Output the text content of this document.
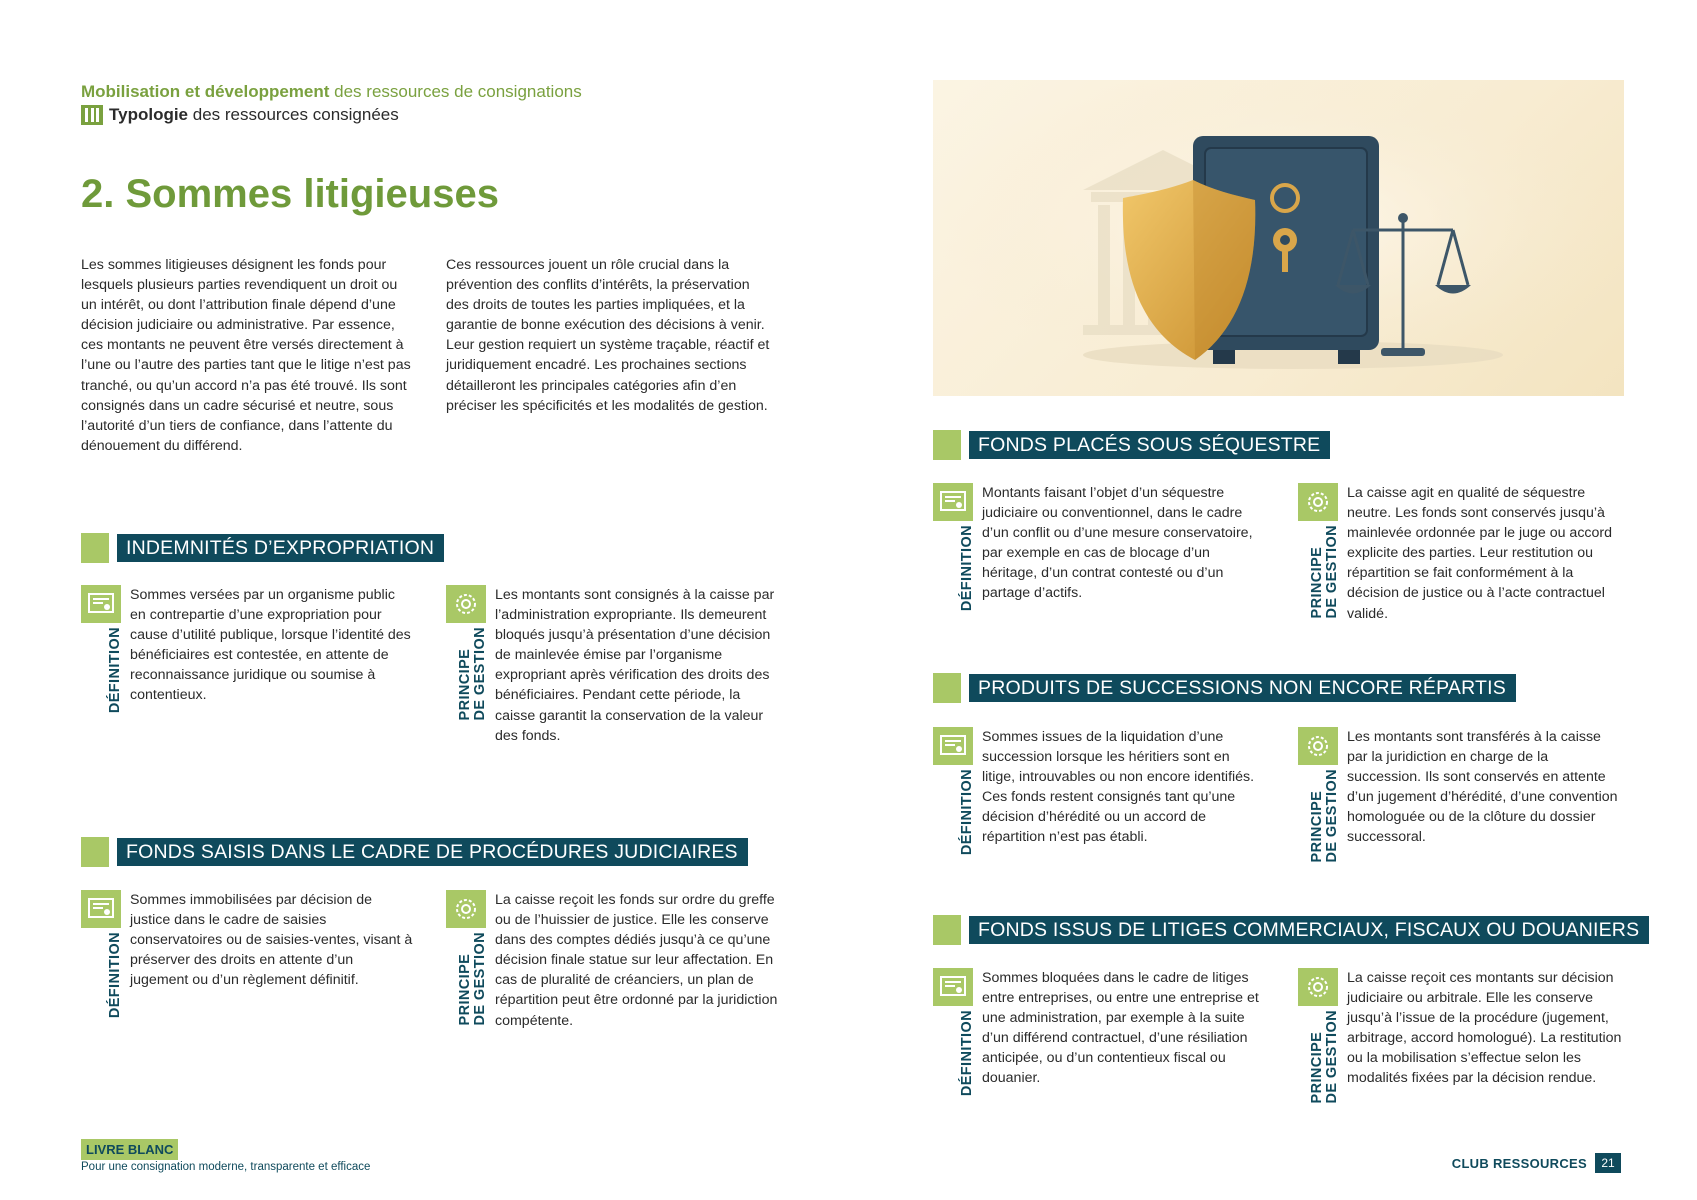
Mobilisation et développement des ressources de consignations
Typologie des ressources consignées
2. Sommes litigieuses

Les sommes litigieuses désignent les fonds pour lesquels plusieurs parties revendiquent un droit ou un intérêt, ou dont l’attribution finale dépend d’une décision judiciaire ou administrative. Par essence, ces montants ne peuvent être versés directement à l’une ou l’autre des parties tant que le litige n’est pas tranché, ou qu’un accord n’a pas été trouvé. Ils sont consignés dans un cadre sécurisé et neutre, sous l’autorité d’un tiers de confiance, dans l’attente du dénouement du différend.

Ces ressources jouent un rôle crucial dans la prévention des conflits d’intérêts, la préservation des droits de toutes les parties impliquées, et la garantie de bonne exécution des décisions à venir. Leur gestion requiert un système traçable, réactif et juridiquement encadré. Les prochaines sections détailleront les principales catégories afin d’en préciser les spécificités et les modalités de gestion.

INDEMNITÉS D’EXPROPRIATION
DÉFINITION

Sommes versées par un organisme public en contrepartie d’une expropriation pour cause d’utilité publique, lorsque l’identité des bénéficiaires est contestée, en attente de reconnaissance juridique ou soumise à contentieux.	PRINCIPE
DE GESTION

Les montants sont consignés à la caisse par l’administration expropriante. Ils demeurent bloqués jusqu’à présentation d’une décision de mainlevée émise par l’organisme expropriant après vérification des droits des bénéficiaires. Pendant cette période, la caisse garantit la conservation de la valeur des fonds.

FONDS SAISIS DANS LE CADRE DE PROCÉDURES JUDICIAIRES
DÉFINITION

Sommes immobilisées par décision de justice dans le cadre de saisies conservatoires ou de saisies-ventes, visant à préserver des droits en attente d’un jugement ou d’un règlement définitif.	PRINCIPE
DE GESTION

La caisse reçoit les fonds sur ordre du greffe ou de l’huissier de justice. Elle les conserve dans des comptes dédiés jusqu’à ce qu’une décision finale statue sur leur affectation. En cas de pluralité de créanciers, un plan de répartition peut être ordonné par la juridiction compétente.

FONDS PLACÉS SOUS SÉQUESTRE
DÉFINITION

Montants faisant l’objet d’un séquestre judiciaire ou conventionnel, dans le cadre d’un conflit ou d’une mesure conservatoire, par exemple en cas de blocage d’un héritage, d’un contrat contesté ou d’un partage d’actifs.	PRINCIPE
DE GESTION

La caisse agit en qualité de séquestre neutre. Les fonds sont conservés jusqu’à mainlevée ordonnée par le juge ou accord explicite des parties. Leur restitution ou répartition se fait conformément à la décision de justice ou à l’acte contractuel validé.

PRODUITS DE SUCCESSIONS NON ENCORE RÉPARTIS
DÉFINITION

Sommes issues de la liquidation d’une succession lorsque les héritiers sont en litige, introuvables ou non encore identifiés. Ces fonds restent consignés tant qu’une décision d’hérédité ou un accord de répartition n’est pas établi.	PRINCIPE
DE GESTION

Les montants sont transférés à la caisse par la juridiction en charge de la succession. Ils sont conservés en attente d’un jugement d’hérédité, d’une convention homologuée ou de la clôture du dossier successoral.

FONDS ISSUS DE LITIGES COMMERCIAUX, FISCAUX OU DOUANIERS
DÉFINITION

Sommes bloquées dans le cadre de litiges entre entreprises, ou entre une entreprise et une administration, par exemple à la suite d’un différend contractuel, d’une résiliation anticipée, ou d’un contentieux fiscal ou douanier.	PRINCIPE
DE GESTION

La caisse reçoit ces montants sur décision judiciaire ou arbitrale. Elle les conserve jusqu’à l’issue de la procédure (jugement, arbitrage, accord homologué). La restitution ou la mobilisation s’effectue selon les modalités fixées par la décision rendue.

LIVRE BLANC
Pour une consignation moderne, transparente et efficace	CLUB RESSOURCES	21
